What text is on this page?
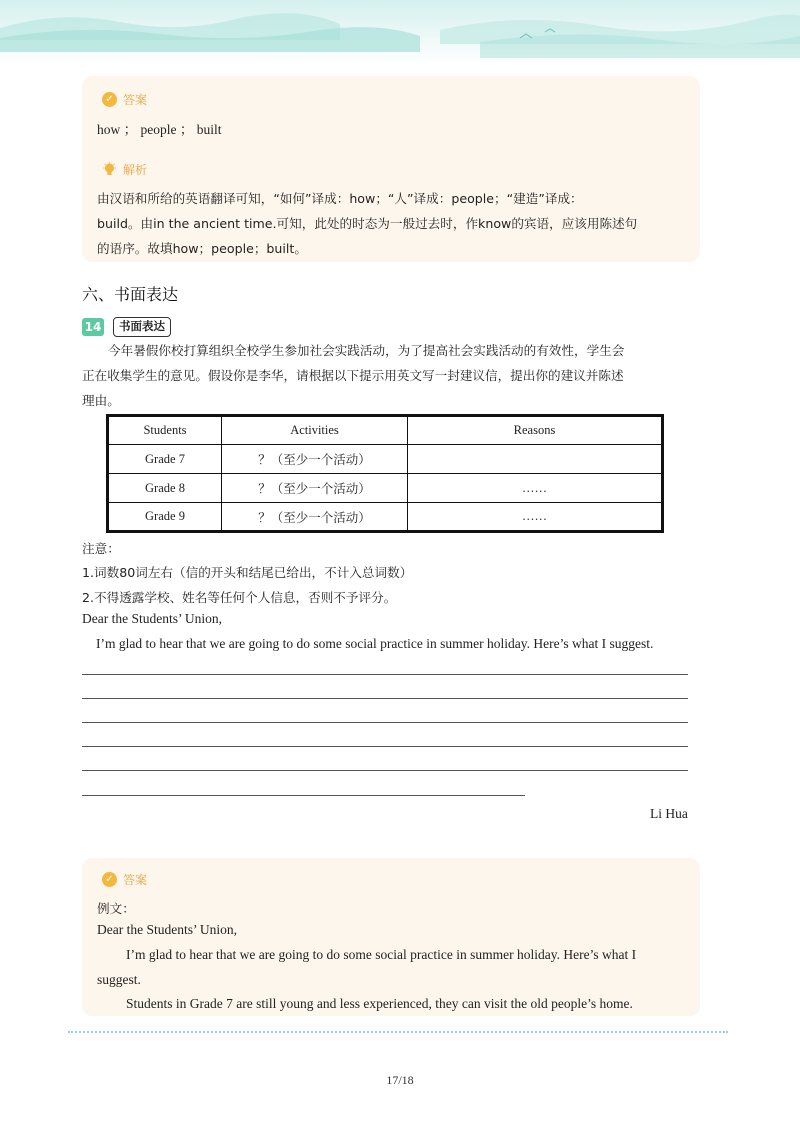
✓ 答案
how ； people ； built
解析
由汉语和所给的英语翻译可知，“如何”译成：how；“人”译成：people；“建造”译成：
build。由in the ancient time.可知，此处的时态为一般过去时，作know的宾语，应该用陈述句
的语序。故填how；people；built。
六、书面表达
14	书面表达
今年暑假你校打算组织全校学生参加社会实践活动，为了提高社会实践活动的有效性，学生会
正在收集学生的意见。假设你是李华，请根据以下提示用英文写一封建议信，提出你的建议并陈述
理由。
Students	Activities	Reasons
Grade 7	？（至少一个活动）	
Grade 8	？（至少一个活动）	……
Grade 9	？（至少一个活动）	……
注意：
1.词数80词左右（信的开头和结尾已给出，不计入总词数）
2.不得透露学校、姓名等任何个人信息，否则不予评分。
Dear the Students’ Union,
I’m glad to hear that we are going to do some social practice in summer holiday. Here’s what I suggest.
Li Hua
✓ 答案
例文：
Dear the Students’ Union,
I’m glad to hear that we are going to do some social practice in summer holiday. Here’s what I
suggest.
Students in Grade 7 are still young and less experienced, they can visit the old people’s home.
17/18
